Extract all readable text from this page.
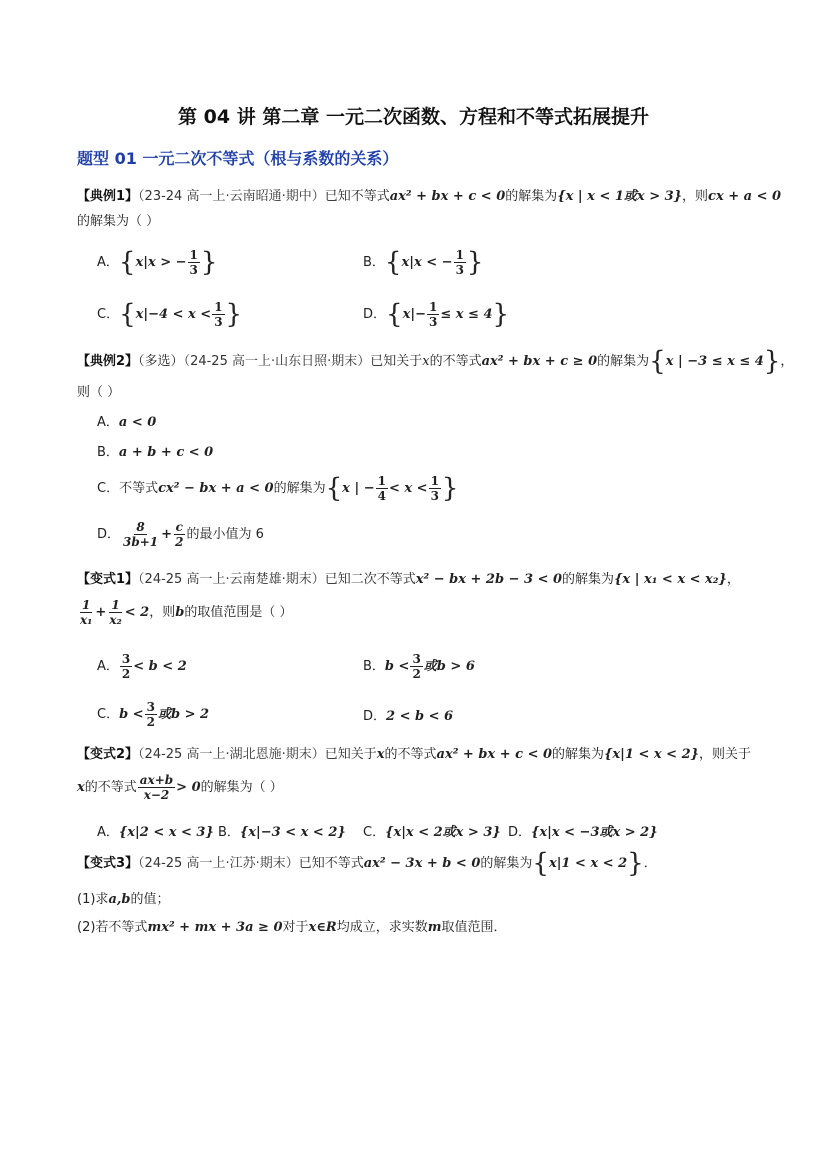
第 04 讲 第二章 一元二次函数、方程和不等式拓展提升
题型 01 一元二次不等式（根与系数的关系）
【典例1】（23-24 高一上·云南昭通·期中）已知不等式ax² + bx + c < 0的解集为{x | x < 1或x > 3}，则cx + a < 0
的解集为（ ）
A．{x|x > − $\frac{1}{3}$ }	B．{x|x < − $\frac{1}{3}$ }
C．{$x|-4 < x < \frac{1}{3}$ }	D．$\{x|- \frac{1}{3} \le x \le 4\}$
【典例2】（多选）（24-25 高一上·山东日照·期末）已知关于x的不等式ax² + bx + c ≥ 0的解集为{x | −3 ≤ x ≤ 4}，
则（ ）
A．a < 0
B．a + b + c < 0
C．不等式cx² − bx + a < 0的解集为{x | − $\frac{1}{4} < x < \frac{1}{3}$ }
D． $\frac{8}{3b+1} + \frac{c}{2}$ 的最小值为 6
【变式1】（24-25 高一上·云南楚雄·期末）已知二次不等式x² − bx + 2b − 3 < 0的解集为{x | x₁ < x < x₂}，
$\frac{1}{\text{x₁}} + \frac{1}{\text{x₂}} < 2$，则b的取值范围是（ ）
A． $\frac{3}{2} < b < 2$	B．$b < \frac{3}{2}$ 或b > 6
C．$b < \frac{3}{2}$ 或b > 2	D．2 < b < 6
【变式2】（24-25 高一上·湖北恩施·期末）已知关于x的不等式ax² + bx + c < 0的解集为{x|1 < x < 2}，则关于
x的不等式 $\frac{ax+b}{x-2} > 0$的解集为（ ）
A．{x|2 < x < 3} B．{x|−3 < x < 2} C．{x|x < 2或x > 3} D．{x|x < −3或x > 2}
【变式3】（24-25 高一上·江苏·期末）已知不等式ax² − 3x + b < 0的解集为{x|1 < x < 2}．
(1)求a,b的值；
(2)若不等式mx² + mx + 3a ≥ 0对于x∈R均成立，求实数m取值范围．
